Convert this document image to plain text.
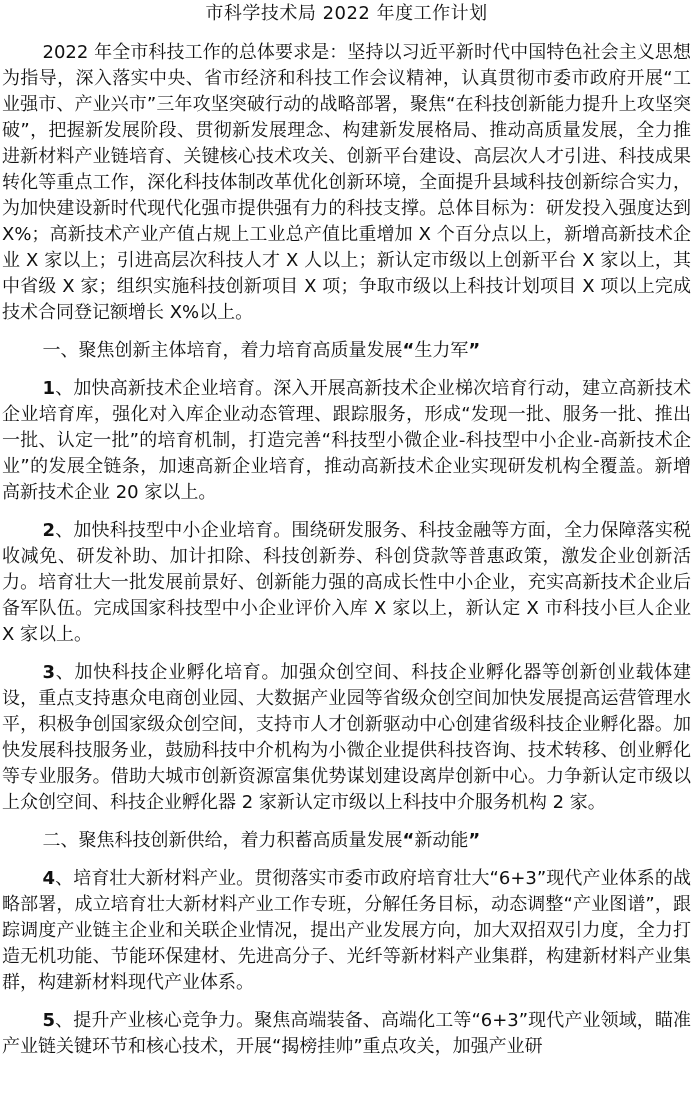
市科学技术局 2022 年度工作计划

2022 年全市科技工作的总体要求是：坚持以习近平新时代中国特色社会主义思想为指导，深入落实中央、省市经济和科技工作会议精神，认真贯彻市委市政府开展“工业强市、产业兴市”三年攻坚突破行动的战略部署，聚焦“在科技创新能力提升上攻坚突破”，把握新发展阶段、贯彻新发展理念、构建新发展格局、推动高质量发展，全力推进新材料产业链培育、关键核心技术攻关、创新平台建设、高层次人才引进、科技成果转化等重点工作，深化科技体制改革优化创新环境，全面提升县域科技创新综合实力，为加快建设新时代现代化强市提供强有力的科技支撑。总体目标为：研发投入强度达到 X%；高新技术产业产值占规上工业总产值比重增加 X 个百分点以上，新增高新技术企业 X 家以上；引进高层次科技人才 X 人以上；新认定市级以上创新平台 X 家以上，其中省级 X 家；组织实施科技创新项目 X 项；争取市级以上科技计划项目 X 项以上完成技术合同登记额增长 X%以上。

一、聚焦创新主体培育，着力培育高质量发展“生力军”

1、加快高新技术企业培育。深入开展高新技术企业梯次培育行动，建立高新技术企业培育库，强化对入库企业动态管理、跟踪服务，形成“发现一批、服务一批、推出一批、认定一批”的培育机制，打造完善“科技型小微企业-科技型中小企业-高新技术企业”的发展全链条，加速高新企业培育，推动高新技术企业实现研发机构全覆盖。新增高新技术企业 20 家以上。

2、加快科技型中小企业培育。围绕研发服务、科技金融等方面，全力保障落实税收减免、研发补助、加计扣除、科技创新券、科创贷款等普惠政策，激发企业创新活力。培育壮大一批发展前景好、创新能力强的高成长性中小企业，充实高新技术企业后备军队伍。完成国家科技型中小企业评价入库 X 家以上，新认定 X 市科技小巨人企业 X 家以上。

3、加快科技企业孵化培育。加强众创空间、科技企业孵化器等创新创业载体建设，重点支持惠众电商创业园、大数据产业园等省级众创空间加快发展提高运营管理水平，积极争创国家级众创空间，支持市人才创新驱动中心创建省级科技企业孵化器。加快发展科技服务业，鼓励科技中介机构为小微企业提供科技咨询、技术转移、创业孵化等专业服务。借助大城市创新资源富集优势谋划建设离岸创新中心。力争新认定市级以上众创空间、科技企业孵化器 2 家新认定市级以上科技中介服务机构 2 家。

二、聚焦科技创新供给，着力积蓄高质量发展“新动能”

4、培育壮大新材料产业。贯彻落实市委市政府培育壮大“6+3”现代产业体系的战略部署，成立培育壮大新材料产业工作专班，分解任务目标，动态调整“产业图谱”，跟踪调度产业链主企业和关联企业情况，提出产业发展方向，加大双招双引力度，全力打造无机功能、节能环保建材、先进高分子、光纤等新材料产业集群，构建新材料产业集群，构建新材料现代产业体系。

5、提升产业核心竞争力。聚焦高端装备、高端化工等“6+3”现代产业领域，瞄准产业链关键环节和核心技术，开展“揭榜挂帅”重点攻关，加强产业研
